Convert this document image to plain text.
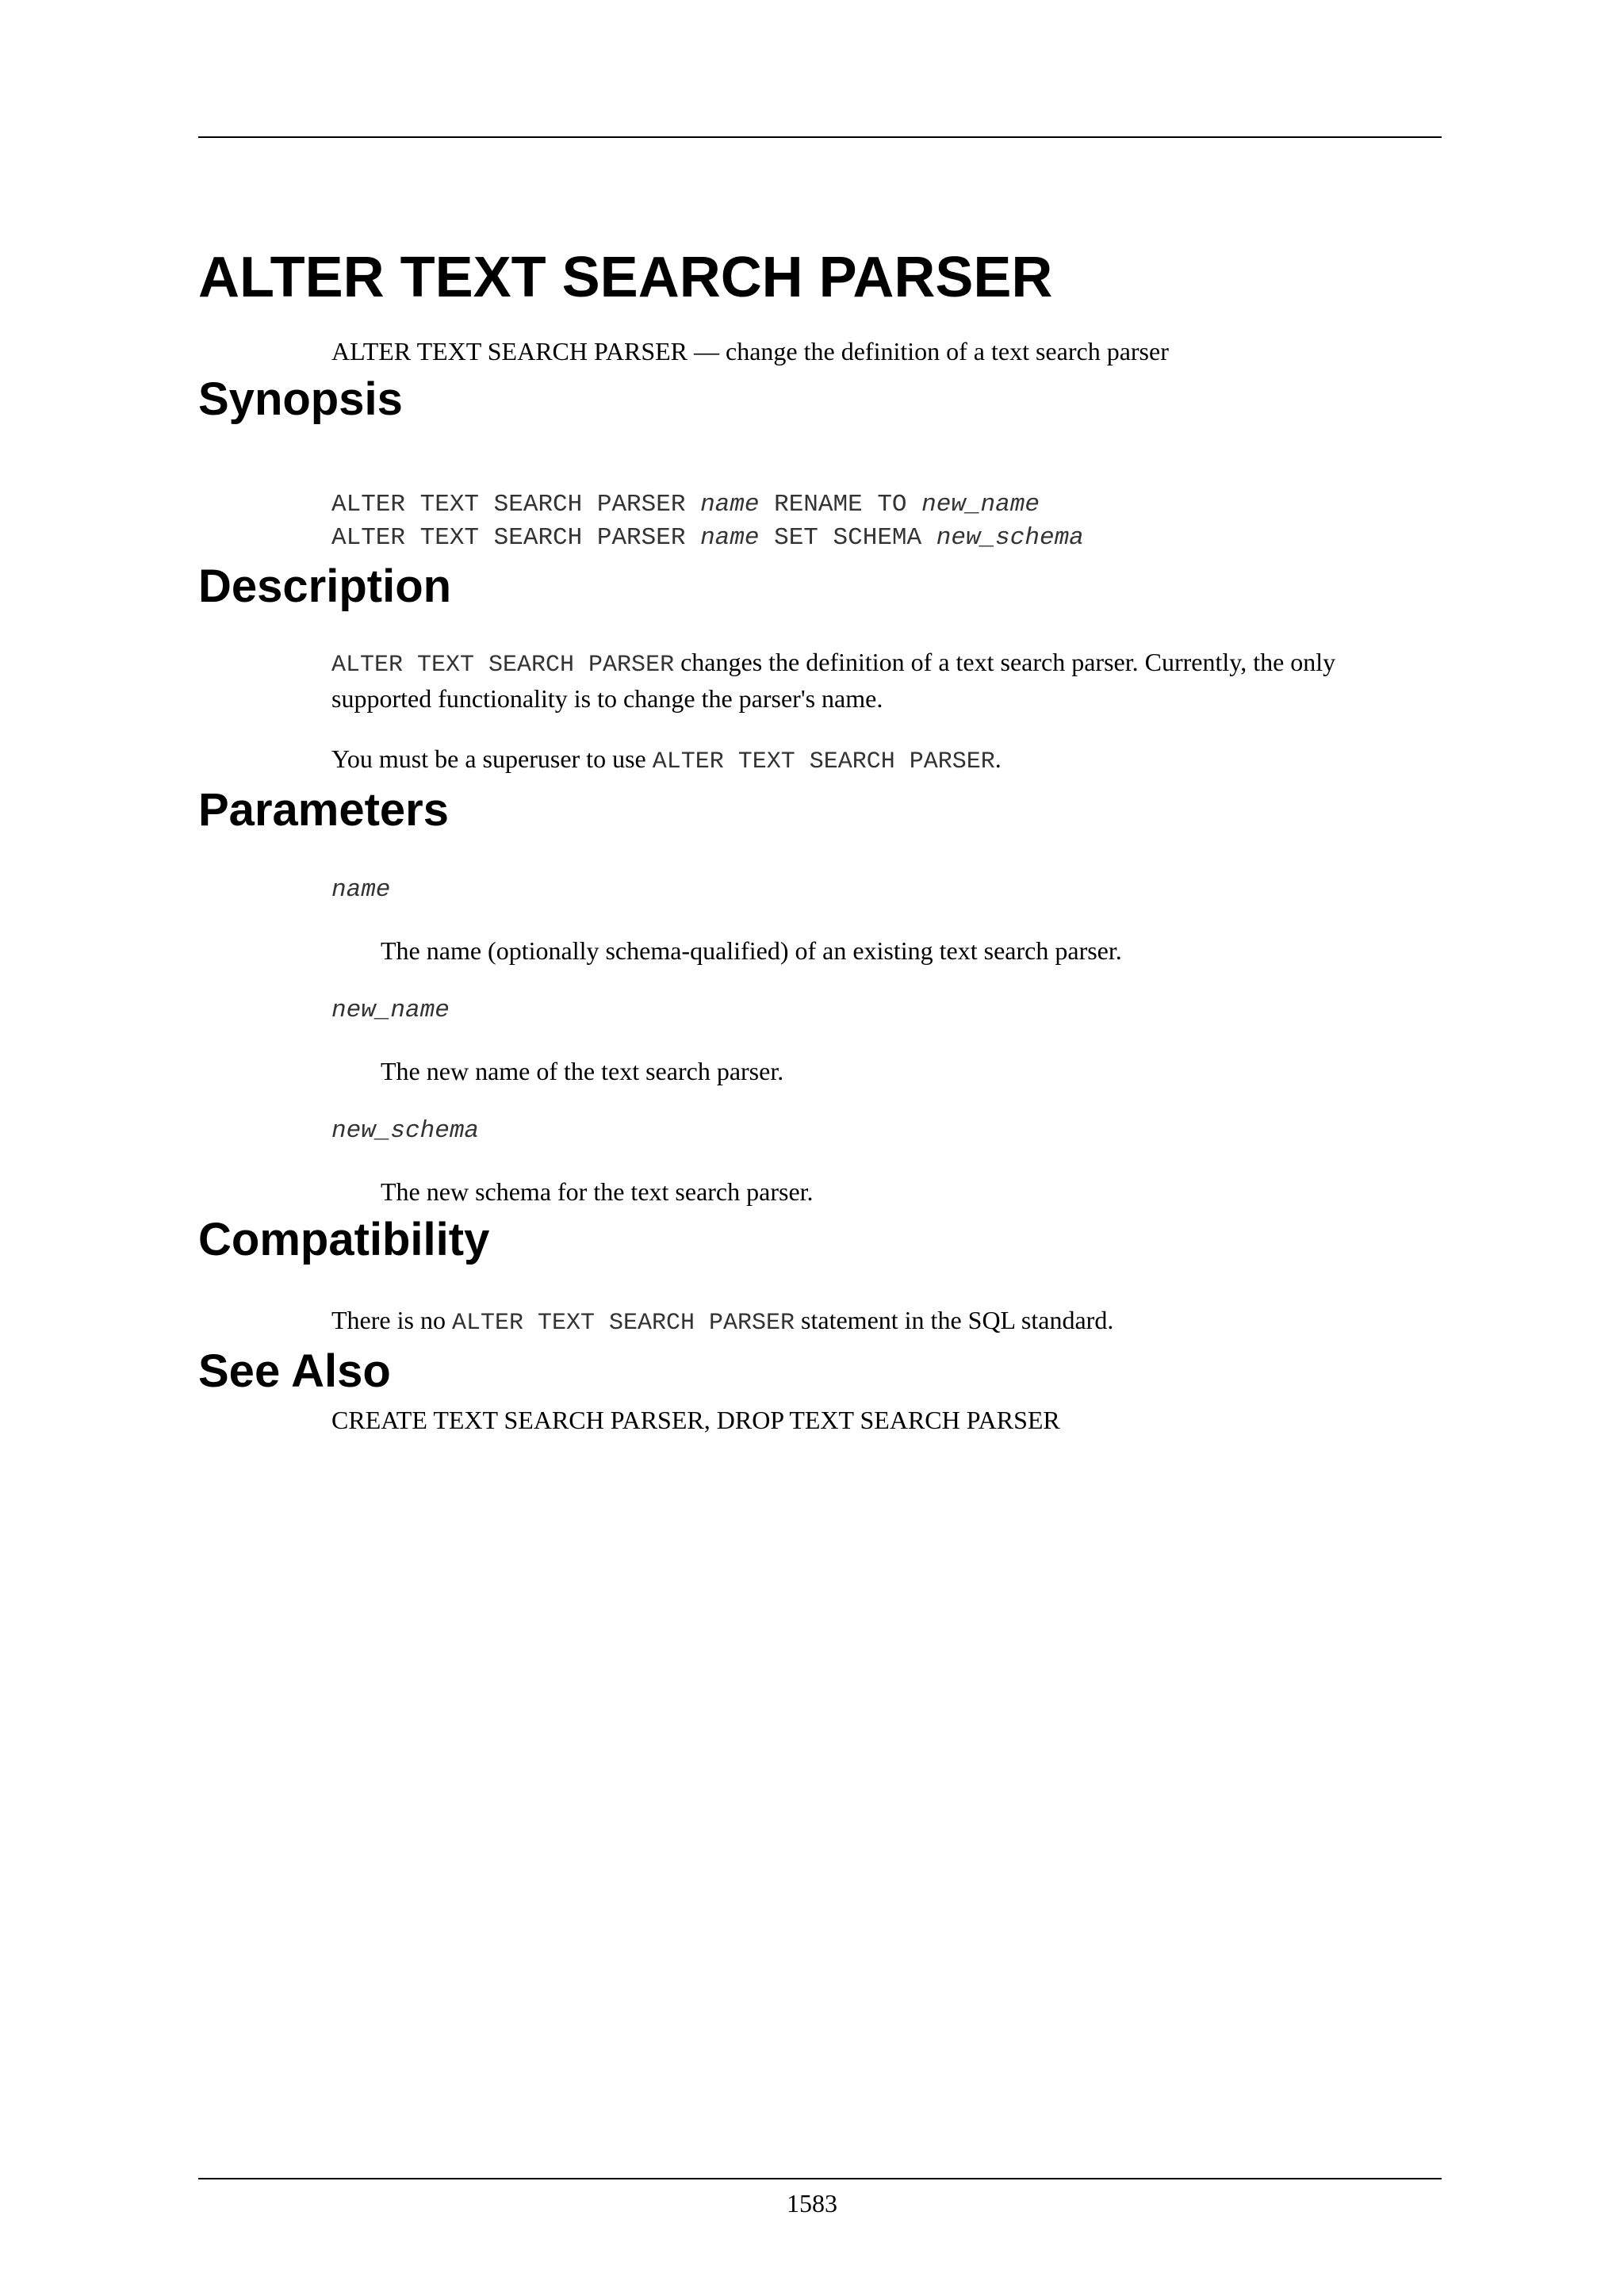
ALTER TEXT SEARCH PARSER
ALTER TEXT SEARCH PARSER — change the definition of a text search parser
Synopsis
ALTER TEXT SEARCH PARSER name RENAME TO new_name
ALTER TEXT SEARCH PARSER name SET SCHEMA new_schema
Description

ALTER TEXT SEARCH PARSER changes the definition of a text search parser. Currently, the only supported functionality is to change the parser's name.

You must be a superuser to use ALTER TEXT SEARCH PARSER.

Parameters
name
The name (optionally schema-qualified) of an existing text search parser.
new_name
The new name of the text search parser.
new_schema
The new schema for the text search parser.
Compatibility

There is no ALTER TEXT SEARCH PARSER statement in the SQL standard.

See Also

CREATE TEXT SEARCH PARSER, DROP TEXT SEARCH PARSER

1583
